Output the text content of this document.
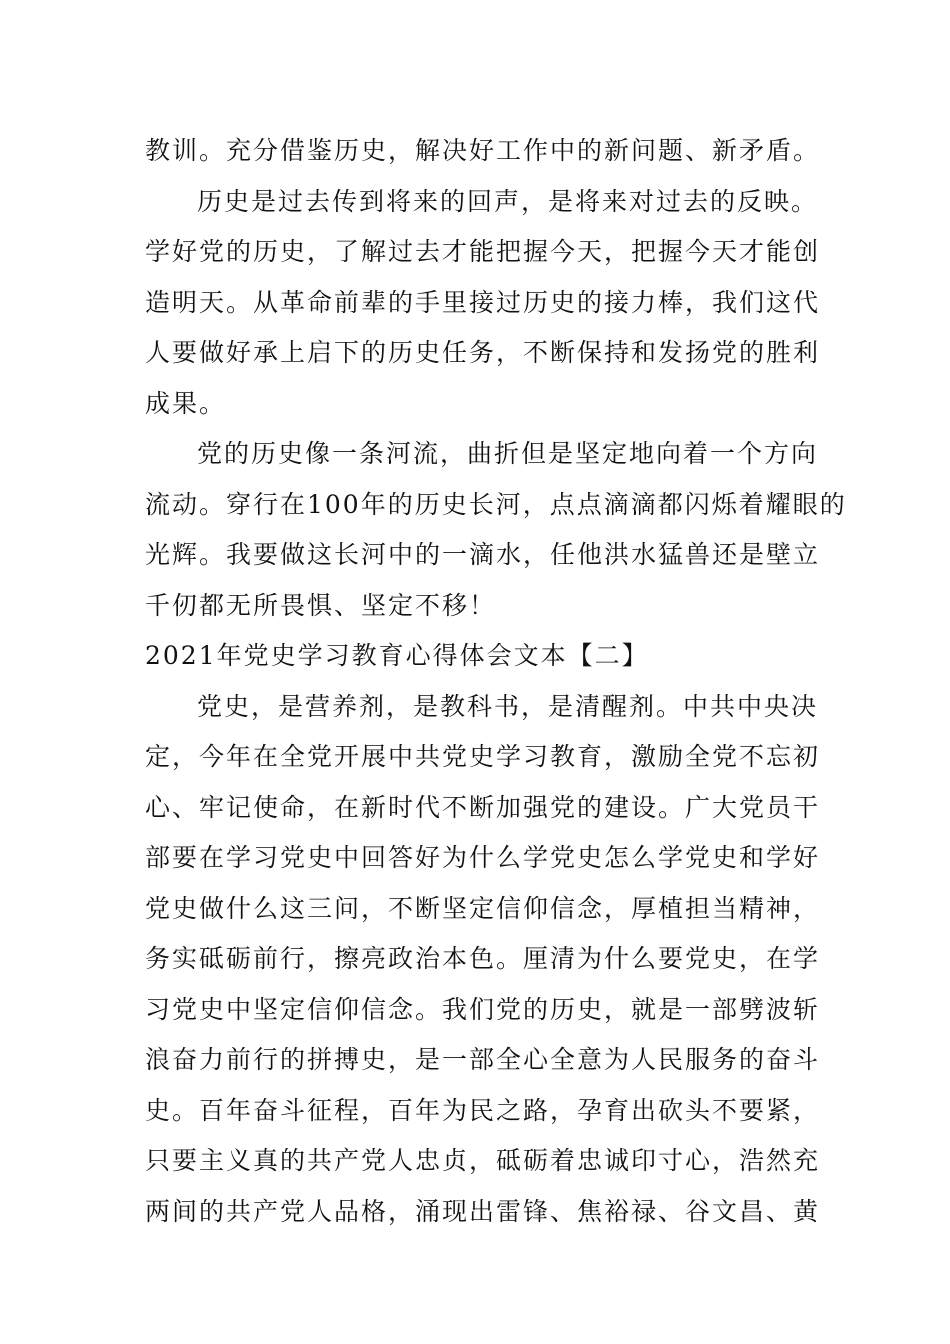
教训。充分借鉴历史，解决好工作中的新问题、新矛盾。
历史是过去传到将来的回声，是将来对过去的反映。
学好党的历史，了解过去才能把握今天，把握今天才能创
造明天。从革命前辈的手里接过历史的接力棒，我们这代
人要做好承上启下的历史任务，不断保持和发扬党的胜利
成果。
党的历史像一条河流，曲折但是坚定地向着一个方向
流动。穿行在100年的历史长河，点点滴滴都闪烁着耀眼的
光辉。我要做这长河中的一滴水，任他洪水猛兽还是壁立
千仞都无所畏惧、坚定不移！
2021年党史学习教育心得体会文本【二】
党史，是营养剂，是教科书，是清醒剂。中共中央决
定，今年在全党开展中共党史学习教育，激励全党不忘初
心、牢记使命，在新时代不断加强党的建设。广大党员干
部要在学习党史中回答好为什么学党史怎么学党史和学好
党史做什么这三问，不断坚定信仰信念，厚植担当精神，
务实砥砺前行，擦亮政治本色。厘清为什么要党史，在学
习党史中坚定信仰信念。我们党的历史，就是一部劈波斩
浪奋力前行的拼搏史，是一部全心全意为人民服务的奋斗
史。百年奋斗征程，百年为民之路，孕育出砍头不要紧，
只要主义真的共产党人忠贞，砥砺着忠诚印寸心，浩然充
两间的共产党人品格，涌现出雷锋、焦裕禄、谷文昌、黄
